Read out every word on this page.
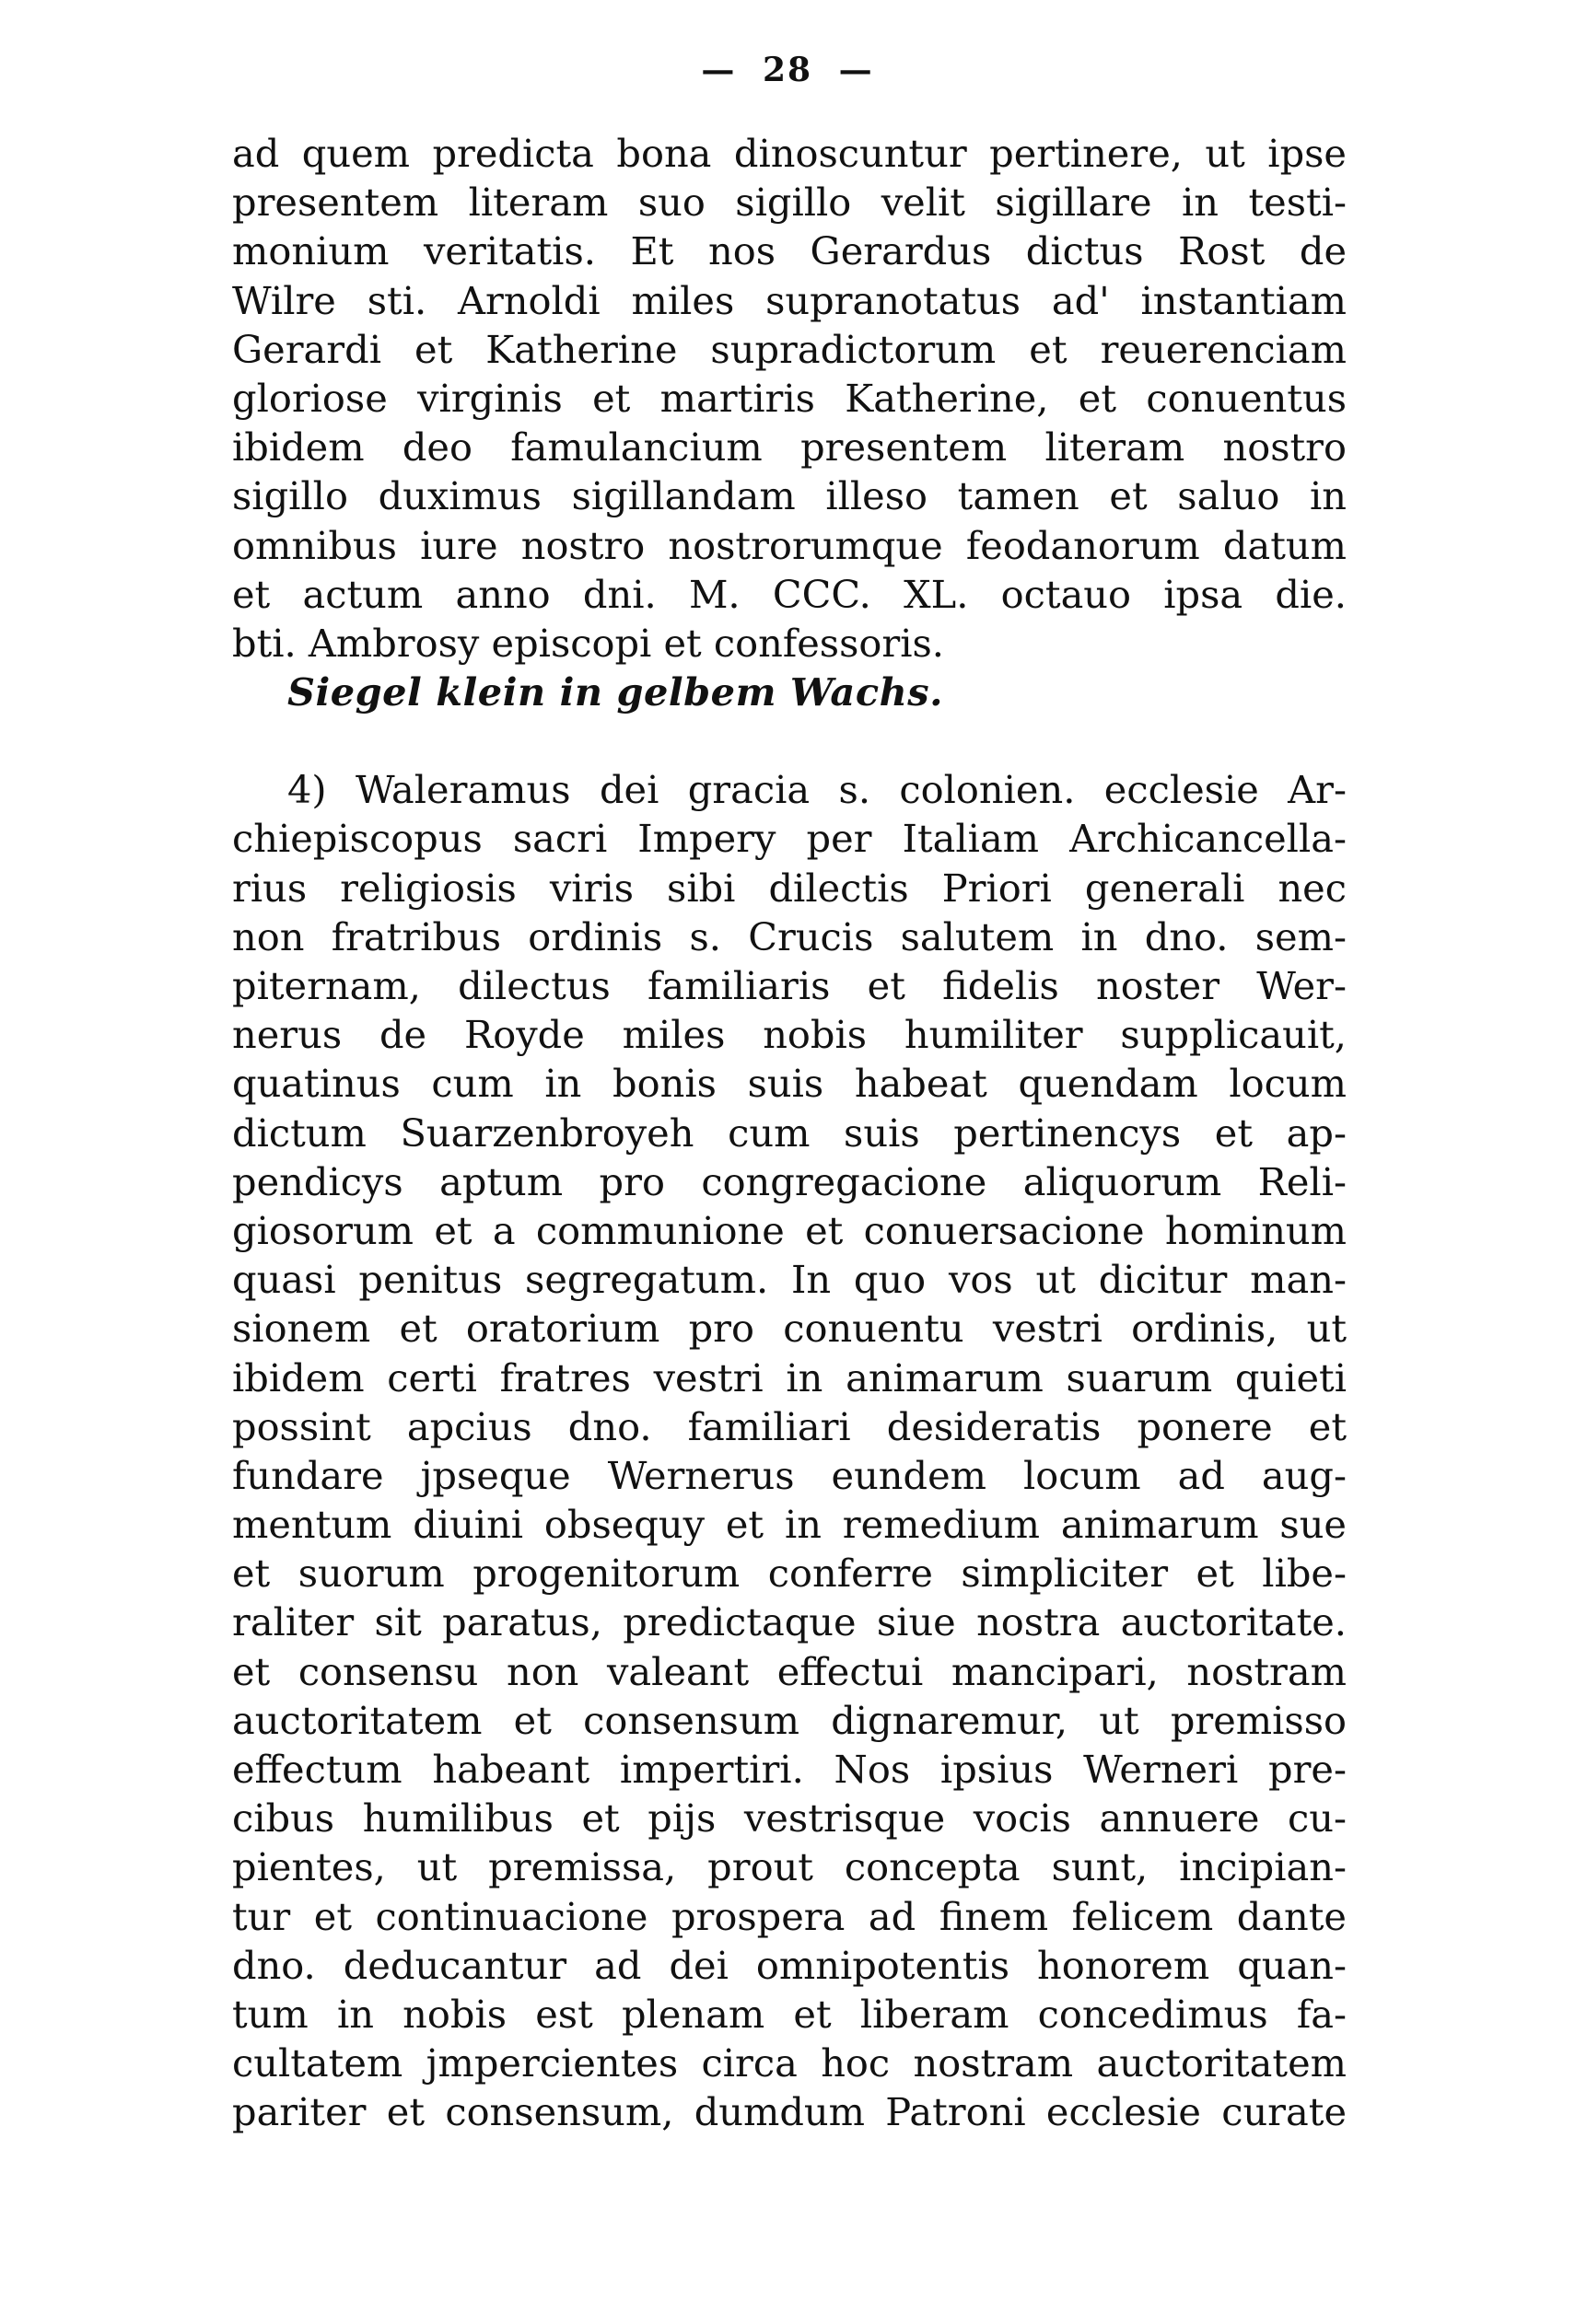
— 28 —
ad quem predicta bona dinoscuntur pertinere, ut ipse
presentem literam suo sigillo velit sigillare in testi-
monium veritatis. Et nos Gerardus dictus Rost de
Wilre sti. Arnoldi miles supranotatus ad' instantiam
Gerardi et Katherine supradictorum et reuerenciam
gloriose virginis et martiris Katherine, et conuentus
ibidem deo famulancium presentem literam nostro
sigillo duximus sigillandam illeso tamen et saluo in
omnibus iure nostro nostrorumque feodanorum datum
et actum anno dni. M. CCC. XL. octauo ipsa die.
bti. Ambrosy episcopi et confessoris.
Siegel klein in gelbem Wachs.
4) Waleramus dei gracia s. colonien. ecclesie Ar-
chiepiscopus sacri Impery per Italiam Archicancella-
rius religiosis viris sibi dilectis Priori generali nec
non fratribus ordinis s. Crucis salutem in dno. sem-
piternam, dilectus familiaris et fidelis noster Wer-
nerus de Royde miles nobis humiliter supplicauit,
quatinus cum in bonis suis habeat quendam locum
dictum Suarzenbroyeh cum suis pertinencys et ap-
pendicys aptum pro congregacione aliquorum Reli-
giosorum et a communione et conuersacione hominum
quasi penitus segregatum. In quo vos ut dicitur man-
sionem et oratorium pro conuentu vestri ordinis, ut
ibidem certi fratres vestri in animarum suarum quieti
possint apcius dno. familiari desideratis ponere et
fundare jpseque Wernerus eundem locum ad aug-
mentum diuini obsequy et in remedium animarum sue
et suorum progenitorum conferre simpliciter et libe-
raliter sit paratus, predictaque siue nostra auctoritate.
et consensu non valeant effectui mancipari, nostram
auctoritatem et consensum dignaremur, ut premisso
effectum habeant impertiri. Nos ipsius Werneri pre-
cibus humilibus et pijs vestrisque vocis annuere cu-
pientes, ut premissa, prout concepta sunt, incipian-
tur et continuacione prospera ad finem felicem dante
dno. deducantur ad dei omnipotentis honorem quan-
tum in nobis est plenam et liberam concedimus fa-
cultatem jmpercientes circa hoc nostram auctoritatem
pariter et consensum, dumdum Patroni ecclesie curate
